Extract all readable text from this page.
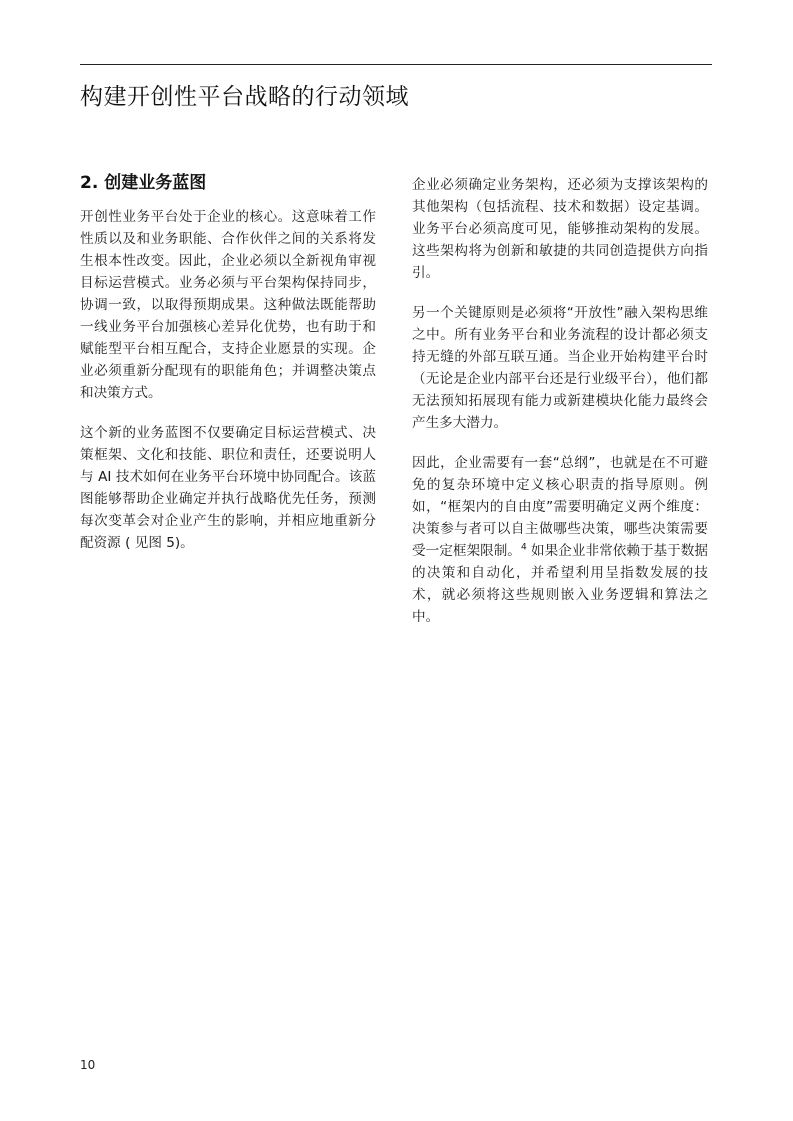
构建开创性平台战略的行动领域
2. 创建业务蓝图

开创性业务平台处于企业的核心。这意味着工作性质以及和业务职能、合作伙伴之间的关系将发生根本性改变。因此，企业必须以全新视角审视目标运营模式。业务必须与平台架构保持同步，协调一致，以取得预期成果。这种做法既能帮助一线业务平台加强核心差异化优势，也有助于和赋能型平台相互配合，支持企业愿景的实现。企业必须重新分配现有的职能角色；并调整决策点和决策方式。

这个新的业务蓝图不仅要确定目标运营模式、决策框架、文化和技能、职位和责任，还要说明人与 AI 技术如何在业务平台环境中协同配合。该蓝图能够帮助企业确定并执行战略优先任务，预测每次变革会对企业产生的影响，并相应地重新分配资源 ( 见图 5)。

企业必须确定业务架构，还必须为支撑该架构的其他架构（包括流程、技术和数据）设定基调。业务平台必须高度可见，能够推动架构的发展。这些架构将为创新和敏捷的共同创造提供方向指引。

另一个关键原则是必须将“开放性”融入架构思维之中。所有业务平台和业务流程的设计都必须支持无缝的外部互联互通。当企业开始构建平台时（无论是企业内部平台还是行业级平台），他们都无法预知拓展现有能力或新建模块化能力最终会产生多大潜力。

因此，企业需要有一套“总纲”，也就是在不可避免的复杂环境中定义核心职责的指导原则。例如，“框架内的自由度”需要明确定义两个维度：决策参与者可以自主做哪些决策，哪些决策需要受一定框架限制。$^4$ 如果企业非常依赖于基于数据的决策和自动化，并希望利用呈指数发展的技术，就必须将这些规则嵌入业务逻辑和算法之中。

10
